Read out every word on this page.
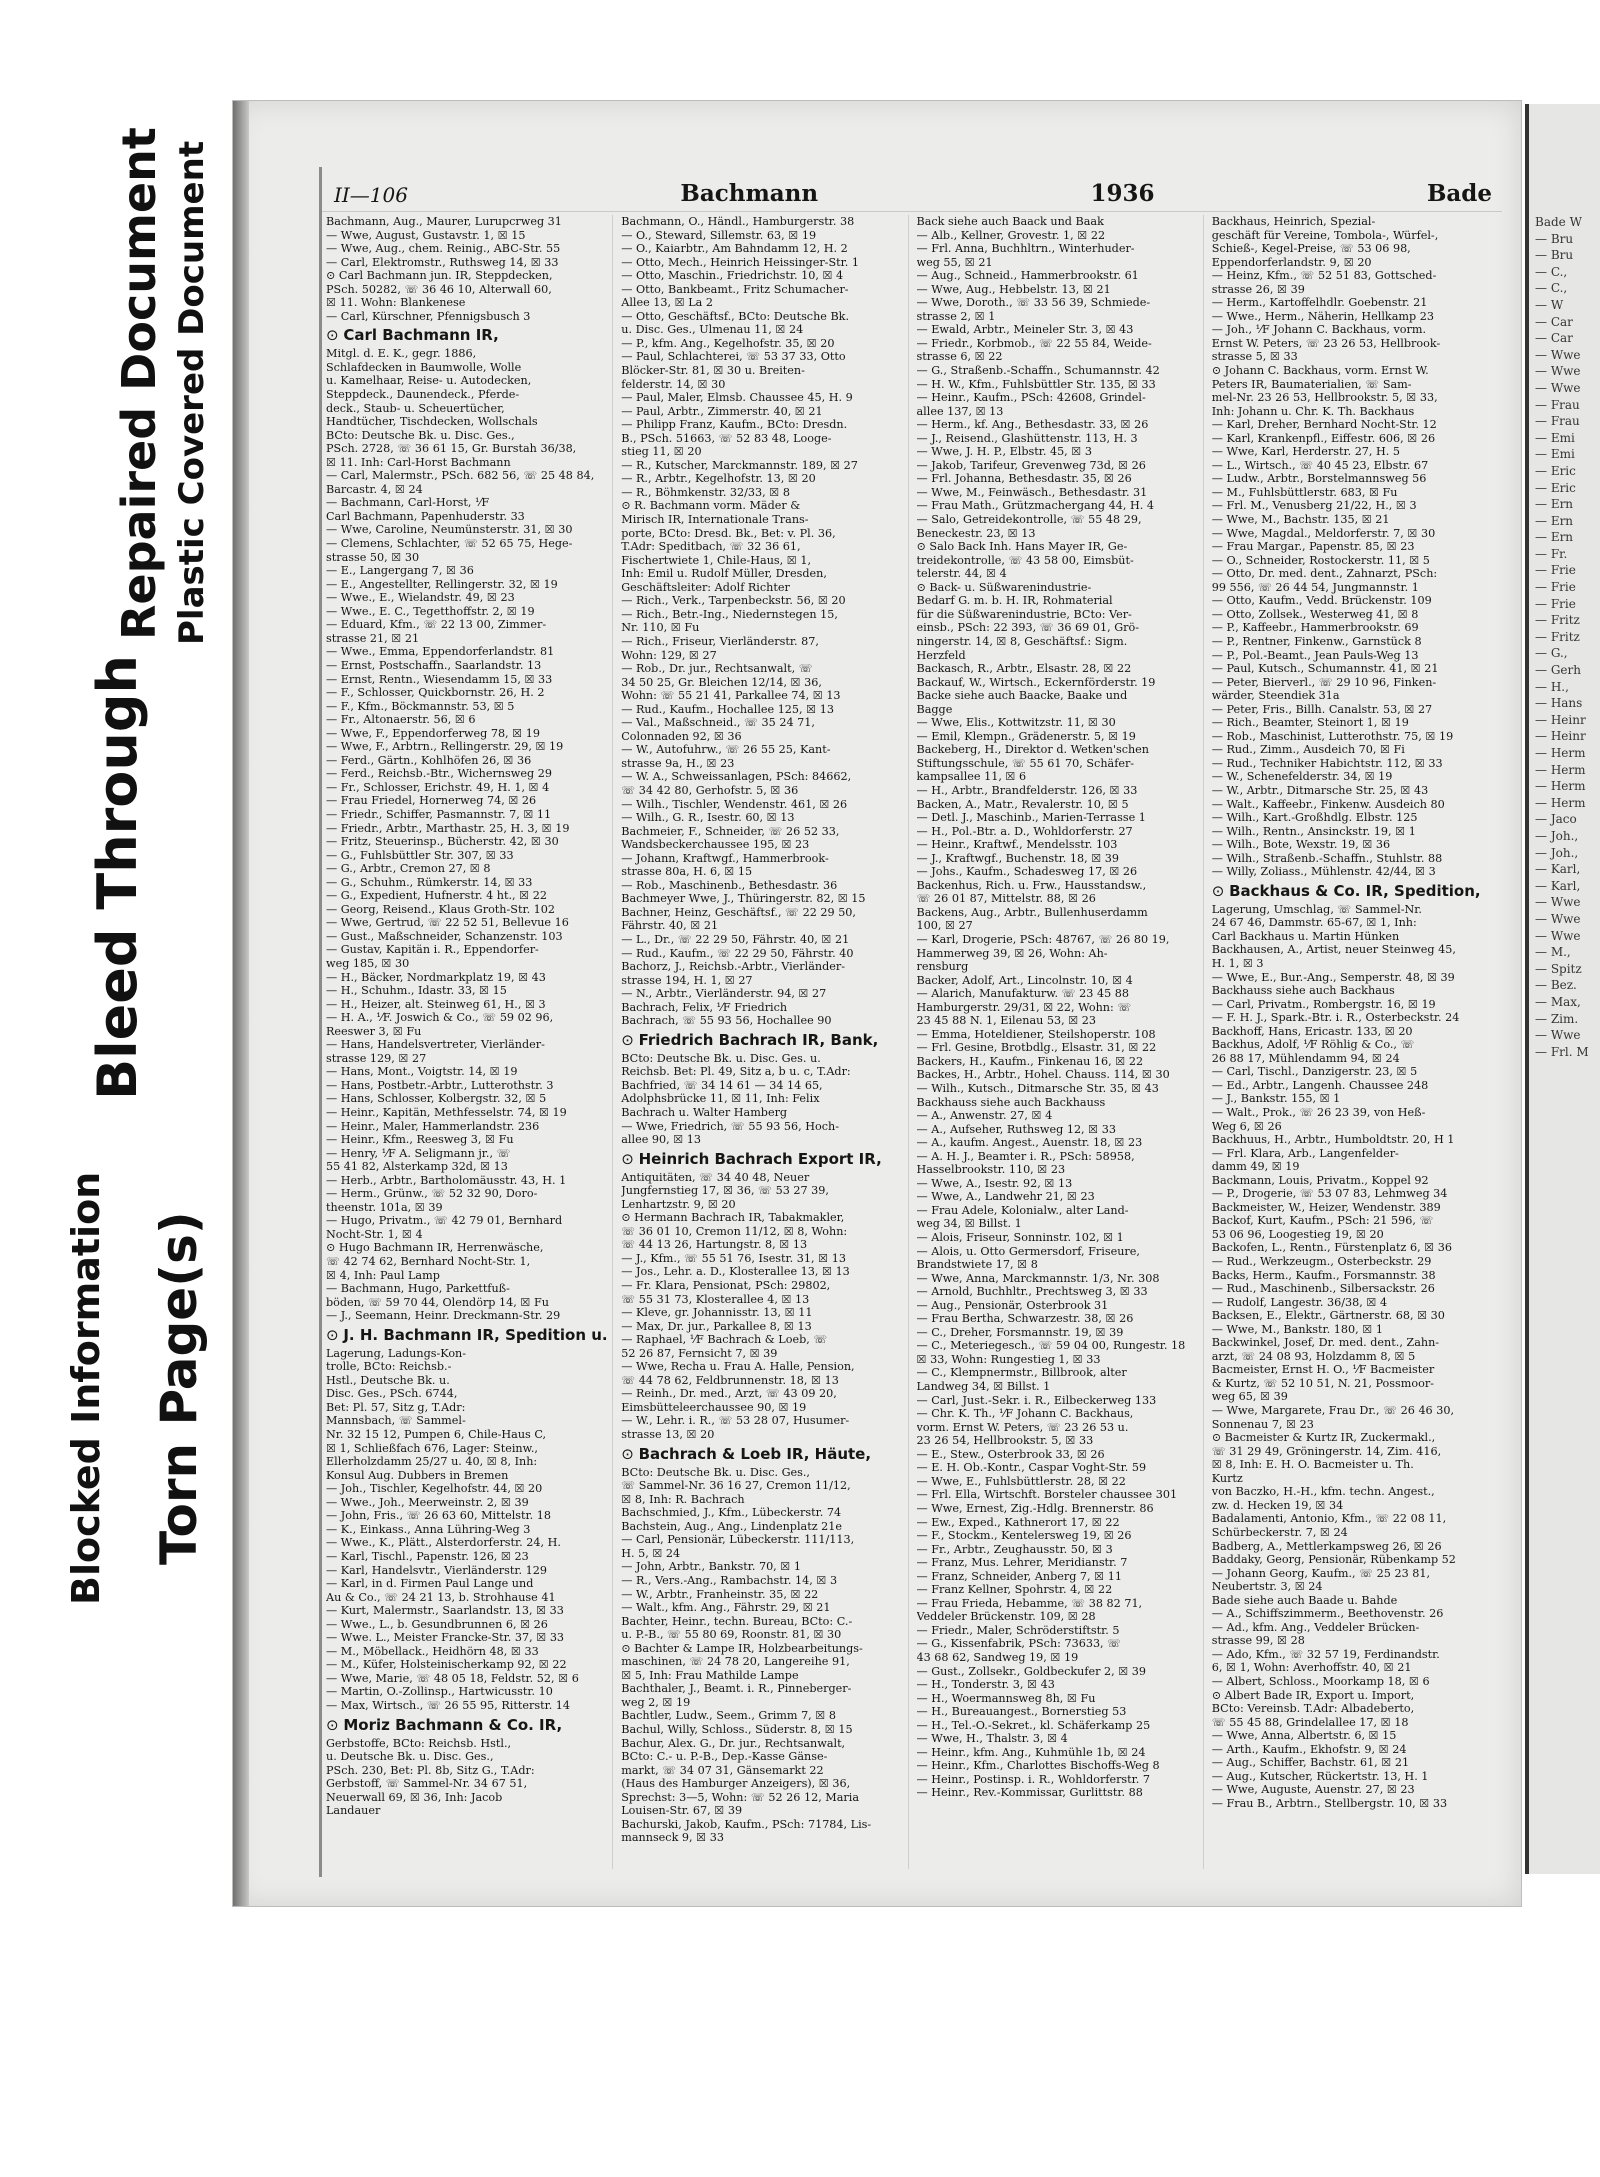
Torn Page(s)
Blocked Information
Bleed Through
Repaired Document Plastic Covered Document	II—106	Bachmann	1936	Bade
Bachmann, Aug., Maurer, Lurupcrweg 31
— Wwe, August, Gustavstr. 1, ☒ 15
— Wwe, Aug., chem. Reinig., ABC-Str. 55
— Carl, Elektromstr., Ruthsweg 14, ☒ 33
⊙ Carl Bachmann jun. IR, Steppdecken,
PSch. 50282, ☏ 36 46 10, Alterwall 60,
☒ 11. Wohn: Blankenese
— Carl, Kürschner, Pfennigsbusch 3
⊙ Carl Bachmann IR,
Mitgl. d. E. K., gegr. 1886,
Schlafdecken in Baumwolle, Wolle
u. Kamelhaar, Reise- u. Autodecken,
Steppdeck., Daunendeck., Pferde-
deck., Staub- u. Scheuertücher,
Handtücher, Tischdecken, Wollschals
BCto: Deutsche Bk. u. Disc. Ges.,
PSch. 2728, ☏ 36 61 15, Gr. Burstah 36/38,
☒ 11. Inh: Carl-Horst Bachmann
— Carl, Malermstr., PSch. 682 56, ☏ 25 48 84,
Barcastr. 4, ☒ 24
— Bachmann, Carl-Horst, ⅟F
Carl Bachmann, Papenhuderstr. 33
— Wwe, Caroline, Neumünsterstr. 31, ☒ 30
— Clemens, Schlachter, ☏ 52 65 75, Hege-
strasse 50, ☒ 30
— E., Langergang 7, ☒ 36
— E., Angestellter, Rellingerstr. 32, ☒ 19
— Wwe., E., Wielandstr. 49, ☒ 23
— Wwe., E. C., Tegetthoffstr. 2, ☒ 19
— Eduard, Kfm., ☏ 22 13 00, Zimmer-
strasse 21, ☒ 21
— Wwe., Emma, Eppendorferlandstr. 81
— Ernst, Postschaffn., Saarlandstr. 13
— Ernst, Rentn., Wiesendamm 15, ☒ 33
— F., Schlosser, Quickbornstr. 26, H. 2
— F., Kfm., Böckmannstr. 53, ☒ 5
— Fr., Altonaerstr. 56, ☒ 6
— Wwe, F., Eppendorferweg 78, ☒ 19
— Wwe, F., Arbtrn., Rellingerstr. 29, ☒ 19
— Ferd., Gärtn., Kohlhöfen 26, ☒ 36
— Ferd., Reichsb.-Btr., Wichernsweg 29
— Fr., Schlosser, Erichstr. 49, H. 1, ☒ 4
— Frau Friedel, Hornerweg 74, ☒ 26
— Friedr., Schiffer, Pasmannstr. 7, ☒ 11
— Friedr., Arbtr., Marthastr. 25, H. 3, ☒ 19
— Fritz, Steuerinsp., Bücherstr. 42, ☒ 30
— G., Fuhlsbüttler Str. 307, ☒ 33
— G., Arbtr., Cremon 27, ☒ 8
— G., Schuhm., Rümkerstr. 14, ☒ 33
— G., Expedient, Hufnerstr. 4 ht., ☒ 22
— Georg, Reisend., Klaus Groth-Str. 102
— Wwe, Gertrud, ☏ 22 52 51, Bellevue 16
— Gust., Maßschneider, Schanzenstr. 103
— Gustav, Kapitän i. R., Eppendorfer-
weg 185, ☒ 30
— H., Bäcker, Nordmarkplatz 19, ☒ 43
— H., Schuhm., Idastr. 33, ☒ 15
— H., Heizer, alt. Steinweg 61, H., ☒ 3
— H. A., ⅟F. Joswich & Co., ☏ 59 02 96,
Reeswer 3, ☒ Fu
— Hans, Handelsvertreter, Vierländer-
strasse 129, ☒ 27
— Hans, Mont., Voigtstr. 14, ☒ 19
— Hans, Postbetr.-Arbtr., Lutterothstr. 3
— Hans, Schlosser, Kolbergstr. 32, ☒ 5
— Heinr., Kapitän, Methfesselstr. 74, ☒ 19
— Heinr., Maler, Hammerlandstr. 236
— Heinr., Kfm., Reesweg 3, ☒ Fu
— Henry, ⅟F A. Seligmann jr., ☏
55 41 82, Alsterkamp 32d, ☒ 13
— Herb., Arbtr., Bartholomäusstr. 43, H. 1
— Herm., Grünw., ☏ 52 32 90, Doro-
theenstr. 101a, ☒ 39
— Hugo, Privatm., ☏ 42 79 01, Bernhard
Nocht-Str. 1, ☒ 4
⊙ Hugo Bachmann IR, Herrenwäsche,
☏ 42 74 62, Bernhard Nocht-Str. 1,
☒ 4, Inh: Paul Lamp
— Bachmann, Hugo, Parkettfuß-
böden, ☏ 59 70 44, Olendörp 14, ☒ Fu
— J., Seemann, Heinr. Dreckmann-Str. 29
⊙ J. H. Bachmann IR, Spedition u.
Lagerung, Ladungs-Kon-
trolle, BCto: Reichsb.-
Hstl., Deutsche Bk. u.
Disc. Ges., PSch. 6744,
Bet: Pl. 57, Sitz g, T.Adr:
Mannsbach, ☏ Sammel-
Nr. 32 15 12, Pumpen 6, Chile-Haus C,
☒ 1, Schließfach 676, Lager: Steinw.,
Ellerholzdamm 25/27 u. 40, ☒ 8, Inh:
Konsul Aug. Dubbers in Bremen
— Joh., Tischler, Kegelhofstr. 44, ☒ 20
— Wwe., Joh., Meerweinstr. 2, ☒ 39
— John, Fris., ☏ 26 63 60, Mittelstr. 18
— K., Einkass., Anna Lühring-Weg 3
— Wwe., K., Plätt., Alsterdorferstr. 24, H.
— Karl, Tischl., Papenstr. 126, ☒ 23
— Karl, Handelsvtr., Vierländerstr. 129
— Karl, in d. Firmen Paul Lange und
Au & Co., ☏ 24 21 13, b. Strohhause 41
— Kurt, Malermstr., Saarlandstr. 13, ☒ 33
— Wwe., L., b. Gesundbrunnen 6, ☒ 26
— Wwe. L., Meister Francke-Str. 37, ☒ 33
— M., Möbellack., Heidhörn 48, ☒ 33
— M., Küfer, Holsteinischerkamp 92, ☒ 22
— Wwe, Marie, ☏ 48 05 18, Feldstr. 52, ☒ 6
— Martin, O.-Zollinsp., Hartwicusstr. 10
— Max, Wirtsch., ☏ 26 55 95, Ritterstr. 14
⊙ Moriz Bachmann & Co. IR,
Gerbstoffe, BCto: Reichsb. Hstl.,
u. Deutsche Bk. u. Disc. Ges.,
PSch. 230, Bet: Pl. 8b, Sitz G., T.Adr:
Gerbstoff, ☏ Sammel-Nr. 34 67 51,
Neuerwall 69, ☒ 36, Inh: Jacob
Landauer
Bachmann, O., Händl., Hamburgerstr. 38
— O., Steward, Sillemstr. 63, ☒ 19
— O., Kaiarbtr., Am Bahndamm 12, H. 2
— Otto, Mech., Heinrich Heissinger-Str. 1
— Otto, Maschin., Friedrichstr. 10, ☒ 4
— Otto, Bankbeamt., Fritz Schumacher-
Allee 13, ☒ La 2
— Otto, Geschäftsf., BCto: Deutsche Bk.
u. Disc. Ges., Ulmenau 11, ☒ 24
— P., kfm. Ang., Kegelhofstr. 35, ☒ 20
— Paul, Schlachterei, ☏ 53 37 33, Otto
Blöcker-Str. 81, ☒ 30 u. Breiten-
felderstr. 14, ☒ 30
— Paul, Maler, Elmsb. Chaussee 45, H. 9
— Paul, Arbtr., Zimmerstr. 40, ☒ 21
— Philipp Franz, Kaufm., BCto: Dresdn.
B., PSch. 51663, ☏ 52 83 48, Looge-
stieg 11, ☒ 20
— R., Kutscher, Marckmannstr. 189, ☒ 27
— R., Arbtr., Kegelhofstr. 13, ☒ 20
— R., Böhmkenstr. 32/33, ☒ 8
⊙ R. Bachmann vorm. Mäder &
Mirisch IR, Internationale Trans-
porte, BCto: Dresd. Bk., Bet: v. Pl. 36,
T.Adr: Speditbach, ☏ 32 36 61,
Fischertwiete 1, Chile-Haus, ☒ 1,
Inh: Emil u. Rudolf Müller, Dresden,
Geschäftsleiter: Adolf Richter
— Rich., Verk., Tarpenbeckstr. 56, ☒ 20
— Rich., Betr.-Ing., Niedernstegen 15,
Nr. 110, ☒ Fu
— Rich., Friseur, Vierländerstr. 87,
Wohn: 129, ☒ 27
— Rob., Dr. jur., Rechtsanwalt, ☏
34 50 25, Gr. Bleichen 12/14, ☒ 36,
Wohn: ☏ 55 21 41, Parkallee 74, ☒ 13
— Rud., Kaufm., Hochallee 125, ☒ 13
— Val., Maßschneid., ☏ 35 24 71,
Colonnaden 92, ☒ 36
— W., Autofuhrw., ☏ 26 55 25, Kant-
strasse 9a, H., ☒ 23
— W. A., Schweissanlagen, PSch: 84662,
☏ 34 42 80, Gerhofstr. 5, ☒ 36
— Wilh., Tischler, Wendenstr. 461, ☒ 26
— Wilh., G. R., Isestr. 60, ☒ 13
Bachmeier, F., Schneider, ☏ 26 52 33,
Wandsbeckerchaussee 195, ☒ 23
— Johann, Kraftwgf., Hammerbrook-
strasse 80a, H. 6, ☒ 15
— Rob., Maschinenb., Bethesdastr. 36
Bachmeyer Wwe, J., Thüringerstr. 82, ☒ 15
Bachner, Heinz, Geschäftsf., ☏ 22 29 50,
Fährstr. 40, ☒ 21
— L., Dr., ☏ 22 29 50, Fährstr. 40, ☒ 21
— Rud., Kaufm., ☏ 22 29 50, Fährstr. 40
Bachorz, J., Reichsb.-Arbtr., Vierländer-
strasse 194, H. 1, ☒ 27
— N., Arbtr., Vierländerstr. 94, ☒ 27
Bachrach, Felix, ⅟F Friedrich
Bachrach, ☏ 55 93 56, Hochallee 90
⊙ Friedrich Bachrach IR, Bank,
BCto: Deutsche Bk. u. Disc. Ges. u.
Reichsb. Bet: Pl. 49, Sitz a, b u. c, T.Adr:
Bachfried, ☏ 34 14 61 — 34 14 65,
Adolphsbrücke 11, ☒ 11, Inh: Felix
Bachrach u. Walter Hamberg
— Wwe, Friedrich, ☏ 55 93 56, Hoch-
allee 90, ☒ 13
⊙ Heinrich Bachrach Export IR,
Antiquitäten, ☏ 34 40 48, Neuer
Jungfernstieg 17, ☒ 36, ☏ 53 27 39,
Lenhartzstr. 9, ☒ 20
⊙ Hermann Bachrach IR, Tabakmakler,
☏ 36 01 10, Cremon 11/12, ☒ 8, Wohn:
☏ 44 13 26, Hartungstr. 8, ☒ 13
— J., Kfm., ☏ 55 51 76, Isestr. 31, ☒ 13
— Jos., Lehr. a. D., Klosterallee 13, ☒ 13
— Fr. Klara, Pensionat, PSch: 29802,
☏ 55 31 73, Klosterallee 4, ☒ 13
— Kleve, gr. Johannisstr. 13, ☒ 11
— Max, Dr. jur., Parkallee 8, ☒ 13
— Raphael, ⅟F Bachrach & Loeb, ☏
52 26 87, Fernsicht 7, ☒ 39
— Wwe, Recha u. Frau A. Halle, Pension,
☏ 44 78 62, Feldbrunnenstr. 18, ☒ 13
— Reinh., Dr. med., Arzt, ☏ 43 09 20,
Eimsbütteleerchaussee 90, ☒ 19
— W., Lehr. i. R., ☏ 53 28 07, Husumer-
strasse 13, ☒ 20
⊙ Bachrach & Loeb IR, Häute,
BCto: Deutsche Bk. u. Disc. Ges.,
☏ Sammel-Nr. 36 16 27, Cremon 11/12,
☒ 8, Inh: R. Bachrach
Bachschmied, J., Kfm., Lübeckerstr. 74
Bachstein, Aug., Ang., Lindenplatz 21e
— Carl, Pensionär, Lübeckerstr. 111/113,
H. 5, ☒ 24
— John, Arbtr., Bankstr. 70, ☒ 1
— R., Vers.-Ang., Rambachstr. 14, ☒ 3
— W., Arbtr., Franheinstr. 35, ☒ 22
— Walt., kfm. Ang., Fährstr. 29, ☒ 21
Bachter, Heinr., techn. Bureau, BCto: C.-
u. P.-B., ☏ 55 80 69, Roonstr. 81, ☒ 30
⊙ Bachter & Lampe IR, Holzbearbeitungs-
maschinen, ☏ 24 78 20, Langereihe 91,
☒ 5, Inh: Frau Mathilde Lampe
Bachthaler, J., Beamt. i. R., Pinneberger-
weg 2, ☒ 19
Bachtler, Ludw., Seem., Grimm 7, ☒ 8
Bachul, Willy, Schloss., Süderstr. 8, ☒ 15
Bachur, Alex. G., Dr. jur., Rechtsanwalt,
BCto: C.- u. P.-B., Dep.-Kasse Gänse-
markt, ☏ 34 07 31, Gänsemarkt 22
(Haus des Hamburger Anzeigers), ☒ 36,
Sprechst: 3—5, Wohn: ☏ 52 26 12, Maria
Louisen-Str. 67, ☒ 39
Bachurski, Jakob, Kaufm., PSch: 71784, Lis-
mannseck 9, ☒ 33
Back siehe auch Baack und Baak
— Alb., Kellner, Grovestr. 1, ☒ 22
— Frl. Anna, Buchhltrn., Winterhuder-
weg 55, ☒ 21
— Aug., Schneid., Hammerbrookstr. 61
— Wwe, Aug., Hebbelstr. 13, ☒ 21
— Wwe, Doroth., ☏ 33 56 39, Schmiede-
strasse 2, ☒ 1
— Ewald, Arbtr., Meineler Str. 3, ☒ 43
— Friedr., Korbmob., ☏ 22 55 84, Weide-
strasse 6, ☒ 22
— G., Straßenb.-Schaffn., Schumannstr. 42
— H. W., Kfm., Fuhlsbüttler Str. 135, ☒ 33
— Heinr., Kaufm., PSch: 42608, Grindel-
allee 137, ☒ 13
— Herm., kf. Ang., Bethesdastr. 33, ☒ 26
— J., Reisend., Glashüttenstr. 113, H. 3
— Wwe, J. H. P., Elbstr. 45, ☒ 3
— Jakob, Tarifeur, Grevenweg 73d, ☒ 26
— Frl. Johanna, Bethesdastr. 35, ☒ 26
— Wwe, M., Feinwäsch., Bethesdastr. 31
— Frau Math., Grützmachergang 44, H. 4
— Salo, Getreidekontrolle, ☏ 55 48 29,
Beneckestr. 23, ☒ 13
⊙ Salo Back Inh. Hans Mayer IR, Ge-
treidekontrolle, ☏ 43 58 00, Eimsbüt-
telerstr. 44, ☒ 4
⊙ Back- u. Süßwarenindustrie-
Bedarf G. m. b. H. IR, Rohmaterial
für die Süßwarenindustrie, BCto: Ver-
einsb., PSch: 22 393, ☏ 36 69 01, Grö-
ningerstr. 14, ☒ 8, Geschäftsf.: Sigm.
Herzfeld
Backasch, R., Arbtr., Elsastr. 28, ☒ 22
Backauf, W., Wirtsch., Eckernförderstr. 19
Backe siehe auch Baacke, Baake und
Bagge
— Wwe, Elis., Kottwitzstr. 11, ☒ 30
— Emil, Klempn., Grädenerstr. 5, ☒ 19
Backeberg, H., Direktor d. Wetken'schen
Stiftungsschule, ☏ 55 61 70, Schäfer-
kampsallee 11, ☒ 6
— H., Arbtr., Brandfelderstr. 126, ☒ 33
Backen, A., Matr., Revalerstr. 10, ☒ 5
— Detl. J., Maschinb., Marien-Terrasse 1
— H., Pol.-Btr. a. D., Wohldorferstr. 27
— Heinr., Kraftwf., Mendelsstr. 103
— J., Kraftwgf., Buchenstr. 18, ☒ 39
— Johs., Kaufm., Schadesweg 17, ☒ 26
Backenhus, Rich. u. Frw., Hausstandsw.,
☏ 26 01 87, Mittelstr. 88, ☒ 26
Backens, Aug., Arbtr., Bullenhuserdamm
100, ☒ 27
— Karl, Drogerie, PSch: 48767, ☏ 26 80 19,
Hammerweg 39, ☒ 26, Wohn: Ah-
rensburg
Backer, Adolf, Art., Lincolnstr. 10, ☒ 4
— Alarich, Manufakturw. ☏ 23 45 88
Hamburgerstr. 29/31, ☒ 22, Wohn: ☏
23 45 88 N. 1, Eilenau 53, ☒ 23
— Emma, Hoteldiener, Steilshoperstr. 108
— Frl. Gesine, Brotbdlg., Elsastr. 31, ☒ 22
Backers, H., Kaufm., Finkenau 16, ☒ 22
Backes, H., Arbtr., Hohel. Chauss. 114, ☒ 30
— Wilh., Kutsch., Ditmarsche Str. 35, ☒ 43
Backhauss siehe auch Backhauss
— A., Anwenstr. 27, ☒ 4
— A., Aufseher, Ruthsweg 12, ☒ 33
— A., kaufm. Angest., Auenstr. 18, ☒ 23
— A. H. J., Beamter i. R., PSch: 58958,
Hasselbrookstr. 110, ☒ 23
— Wwe, A., Isestr. 92, ☒ 13
— Wwe, A., Landwehr 21, ☒ 23
— Frau Adele, Kolonialw., alter Land-
weg 34, ☒ Billst. 1
— Alois, Friseur, Sonninstr. 102, ☒ 1
— Alois, u. Otto Germersdorf, Friseure,
Brandstwiete 17, ☒ 8
— Wwe, Anna, Marckmannstr. 1/3, Nr. 308
— Arnold, Buchhltr., Prechtsweg 3, ☒ 33
— Aug., Pensionär, Osterbrook 31
— Frau Bertha, Schwarzestr. 38, ☒ 26
— C., Dreher, Forsmannstr. 19, ☒ 39
— C., Meteriegesch., ☏ 59 04 00, Rungestr. 18
☒ 33, Wohn: Rungestieg 1, ☒ 33
— C., Klempnermstr., Billbrook, alter
Landweg 34, ☒ Billst. 1
— Carl, Just.-Sekr. i. R., Eilbeckerweg 133
— Chr. K. Th., ⅟F Johann C. Backhaus,
vorm. Ernst W. Peters, ☏ 23 26 53 u.
23 26 54, Hellbrookstr. 5, ☒ 33
— E., Stew., Osterbrook 33, ☒ 26
— E. H. Ob.-Kontr., Caspar Voght-Str. 59
— Wwe, E., Fuhlsbüttlerstr. 28, ☒ 22
— Frl. Ella, Wirtschft. Borsteler chaussee 301
— Wwe, Ernest, Zig.-Hdlg. Brennerstr. 86
— Ew., Exped., Kathnerort 17, ☒ 22
— F., Stockm., Kentelersweg 19, ☒ 26
— Fr., Arbtr., Zeughausstr. 50, ☒ 3
— Franz, Mus. Lehrer, Meridianstr. 7
— Franz, Schneider, Anberg 7, ☒ 11
— Franz Kellner, Spohrstr. 4, ☒ 22
— Frau Frieda, Hebamme, ☏ 38 82 71,
Veddeler Brückenstr. 109, ☒ 28
— Friedr., Maler, Schröderstiftstr. 5
— G., Kissenfabrik, PSch: 73633, ☏
43 68 62, Sandweg 19, ☒ 19
— Gust., Zollsekr., Goldbeckufer 2, ☒ 39
— H., Tonderstr. 3, ☒ 43
— H., Woermannsweg 8h, ☒ Fu
— H., Bureauangest., Bornerstieg 53
— H., Tel.-O.-Sekret., kl. Schäferkamp 25
— Wwe, H., Thalstr. 3, ☒ 4
— Heinr., kfm. Ang., Kuhmühle 1b, ☒ 24
— Heinr., Kfm., Charlottes Bischoffs-Weg 8
— Heinr., Postinsp. i. R., Wohldorferstr. 7
— Heinr., Rev.-Kommissar, Gurlittstr. 88
Backhaus, Heinrich, Spezial-
geschäft für Vereine, Tombola-, Würfel-,
Schieß-, Kegel-Preise, ☏ 53 06 98,
Eppendorferlandstr. 9, ☒ 20
— Heinz, Kfm., ☏ 52 51 83, Gottsched-
strasse 26, ☒ 39
— Herm., Kartoffelhdlr. Goebenstr. 21
— Wwe., Herm., Näherin, Hellkamp 23
— Joh., ⅟F Johann C. Backhaus, vorm.
Ernst W. Peters, ☏ 23 26 53, Hellbrook-
strasse 5, ☒ 33
⊙ Johann C. Backhaus, vorm. Ernst W.
Peters IR, Baumaterialien, ☏ Sam-
mel-Nr. 23 26 53, Hellbrookstr. 5, ☒ 33,
Inh: Johann u. Chr. K. Th. Backhaus
— Karl, Dreher, Bernhard Nocht-Str. 12
— Karl, Krankenpfl., Eiffestr. 606, ☒ 26
— Wwe, Karl, Herderstr. 27, H. 5
— L., Wirtsch., ☏ 40 45 23, Elbstr. 67
— Ludw., Arbtr., Borstelmannsweg 56
— M., Fuhlsbüttlerstr. 683, ☒ Fu
— Frl. M., Venusberg 21/22, H., ☒ 3
— Wwe, M., Bachstr. 135, ☒ 21
— Wwe, Magdal., Meldorferstr. 7, ☒ 30
— Frau Margar., Papenstr. 85, ☒ 23
— O., Schneider, Rostockerstr. 11, ☒ 5
— Otto, Dr. med. dent., Zahnarzt, PSch:
99 556, ☏ 26 44 54, Jungmannstr. 1
— Otto, Kaufm., Vedd. Brückenstr. 109
— Otto, Zollsek., Westerweg 41, ☒ 8
— P., Kaffeebr., Hammerbrookstr. 69
— P., Rentner, Finkenw., Garnstück 8
— P., Pol.-Beamt., Jean Pauls-Weg 13
— Paul, Kutsch., Schumannstr. 41, ☒ 21
— Peter, Bierverl., ☏ 29 10 96, Finken-
wärder, Steendiek 31a
— Peter, Fris., Billh. Canalstr. 53, ☒ 27
— Rich., Beamter, Steinort 1, ☒ 19
— Rob., Maschinist, Lutterothstr. 75, ☒ 19
— Rud., Zimm., Ausdeich 70, ☒ Fi
— Rud., Techniker Habichtstr. 112, ☒ 33
— W., Schenefelderstr. 34, ☒ 19
— W., Arbtr., Ditmarsche Str. 25, ☒ 43
— Walt., Kaffeebr., Finkenw. Ausdeich 80
— Wilh., Kart.-Großhdlg. Elbstr. 125
— Wilh., Rentn., Ansinckstr. 19, ☒ 1
— Wilh., Bote, Wexstr. 19, ☒ 36
— Wilh., Straßenb.-Schaffn., Stuhlstr. 88
— Willy, Zoliass., Mühlenstr. 42/44, ☒ 3
⊙ Backhaus & Co. IR, Spedition,
Lagerung, Umschlag, ☏ Sammel-Nr.
24 67 46, Dammstr. 65-67, ☒ 1, Inh:
Carl Backhaus u. Martin Hünken
Backhausen, A., Artist, neuer Steinweg 45,
H. 1, ☒ 3
— Wwe, E., Bur.-Ang., Semperstr. 48, ☒ 39
Backhauss siehe auch Backhaus
— Carl, Privatm., Rombergstr. 16, ☒ 19
— F. H. J., Spark.-Btr. i. R., Osterbeckstr. 24
Backhoff, Hans, Ericastr. 133, ☒ 20
Backhus, Adolf, ⅟F Röhlig & Co., ☏
26 88 17, Mühlendamm 94, ☒ 24
— Carl, Tischl., Danzigerstr. 23, ☒ 5
— Ed., Arbtr., Langenh. Chaussee 248
— J., Bankstr. 155, ☒ 1
— Walt., Prok., ☏ 26 23 39, von Heß-
Weg 6, ☒ 26
Backhuus, H., Arbtr., Humboldtstr. 20, H 1
— Frl. Klara, Arb., Langenfelder-
damm 49, ☒ 19
Backmann, Louis, Privatm., Koppel 92
— P., Drogerie, ☏ 53 07 83, Lehmweg 34
Backmeister, W., Heizer, Wendenstr. 389
Backof, Kurt, Kaufm., PSch: 21 596, ☏
53 06 96, Loogestieg 19, ☒ 20
Backofen, L., Rentn., Fürstenplatz 6, ☒ 36
— Rud., Werkzeugm., Osterbeckstr. 29
Backs, Herm., Kaufm., Forsmannstr. 38
— Rud., Maschinenb., Silbersackstr. 26
— Rudolf, Langestr. 36/38, ☒ 4
Backsen, E., Elektr., Gärtnerstr. 68, ☒ 30
— Wwe, M., Bankstr. 180, ☒ 1
Backwinkel, Josef, Dr. med. dent., Zahn-
arzt, ☏ 24 08 93, Holzdamm 8, ☒ 5
Bacmeister, Ernst H. O., ⅟F Bacmeister
& Kurtz, ☏ 52 10 51, N. 21, Possmoor-
weg 65, ☒ 39
— Wwe, Margarete, Frau Dr., ☏ 26 46 30,
Sonnenau 7, ☒ 23
⊙ Bacmeister & Kurtz IR, Zuckermakl.,
☏ 31 29 49, Gröningerstr. 14, Zim. 416,
☒ 8, Inh: E. H. O. Bacmeister u. Th.
Kurtz
von Baczko, H.-H., kfm. techn. Angest.,
zw. d. Hecken 19, ☒ 34
Badalamenti, Antonio, Kfm., ☏ 22 08 11,
Schürbeckerstr. 7, ☒ 24
Badberg, A., Mettlerkampsweg 26, ☒ 26
Baddaky, Georg, Pensionär, Rübenkamp 52
— Johann Georg, Kaufm., ☏ 25 23 81,
Neubertstr. 3, ☒ 24
Bade siehe auch Baade u. Bahde
— A., Schiffszimmerm., Beethovenstr. 26
— Ad., kfm. Ang., Veddeler Brücken-
strasse 99, ☒ 28
— Ado, Kfm., ☏ 32 57 19, Ferdinandstr.
6, ☒ 1, Wohn: Averhoffstr. 40, ☒ 21
— Albert, Schloss., Moorkamp 18, ☒ 6
⊙ Albert Bade IR, Export u. Import,
BCto: Vereinsb. T.Adr: Albadeberto,
☏ 55 45 88, Grindelallee 17, ☒ 18
— Wwe, Anna, Albertstr. 6, ☒ 15
— Arth., Kaufm., Ekhofstr. 9, ☒ 24
— Aug., Schiffer, Bachstr. 61, ☒ 21
— Aug., Kutscher, Rückertstr. 13, H. 1
— Wwe, Auguste, Auenstr. 27, ☒ 23
— Frau B., Arbtrn., Stellbergstr. 10, ☒ 33
Bade W
— Bru
— Bru
— C.,
— C.,
— W
— Car
— Car
— Wwe
— Wwe
— Wwe
— Frau
— Frau
— Emi
— Emi
— Eric
— Eric
— Ern
— Ern
— Ern
— Fr.
— Frie
— Frie
— Frie
— Fritz
— Fritz
— G.,
— Gerh
— H.,
— Hans
— Heinr
— Heinr
— Herm
— Herm
— Herm
— Herm
— Jaco
— Joh.,
— Joh.,
— Karl,
— Karl,
— Wwe
— Wwe
— Wwe
— M.,
— Spitz
— Bez.
— Max,
— Zim.
— Wwe
— Frl. M
